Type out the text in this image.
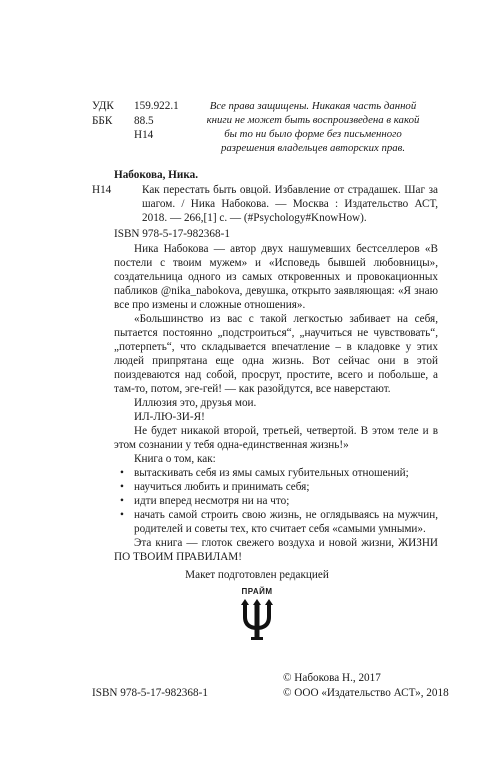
УДК
ББК
159.922.1
88.5
Н14
Все права защищены. Никакая часть данной книги не может быть воспроизведена в какой бы то ни было форме без письменного разрешения владельцев авторских прав.
Набокова, Ника.
Н14	Как перестать быть овцой. Избавление от страдашек. Шаг за шагом. / Ника Набокова. — Москва : Издательство АСТ, 2018. — 266,[1] с. — (#Psychology#KnowHow).
ISBN 978-5-17-982368-1

Ника Набокова — автор двух нашумевших бестселлеров «В постели с твоим мужем» и «Исповедь бывшей любовницы», создательница одного из самых откровенных и провокационных пабликов @nika_nabokova, девушка, открыто заявляющая: «Я знаю все про измены и сложные отношения».

«Большинство из вас с такой легкостью забивает на себя, пытается постоянно „подстроиться“, „научиться не чувствовать“, „потерпеть“, что складывается впечатление – в кладовке у этих людей припрятана еще одна жизнь. Вот сейчас они в этой поиздеваются над собой, просрут, простите, всего и побольше, а там-то, потом, эге-гей! — как разойдутся, все наверстают.

Иллюзия это, друзья мои.

ИЛ-ЛЮ-ЗИ-Я!

Не будет никакой второй, третьей, четвертой. В этом теле и в этом сознании у тебя одна-единственная жизнь!»

Книга о том, как:

• вытаскивать себя из ямы самых губительных отношений;
• научиться любить и принимать себя;
• идти вперед несмотря ни на что;
• начать самой строить свою жизнь, не оглядываясь на мужчин, родителей и советы тех, кто считает себя «самыми умными».

Эта книга — глоток свежего воздуха и новой жизни, ЖИЗНИ ПО ТВОИМ ПРАВИЛАМ!

Макет подготовлен редакцией
ПРАЙМ
© Набокова Н., 2017
ISBN 978-5-17-982368-1	© ООО «Издательство АСТ», 2018
